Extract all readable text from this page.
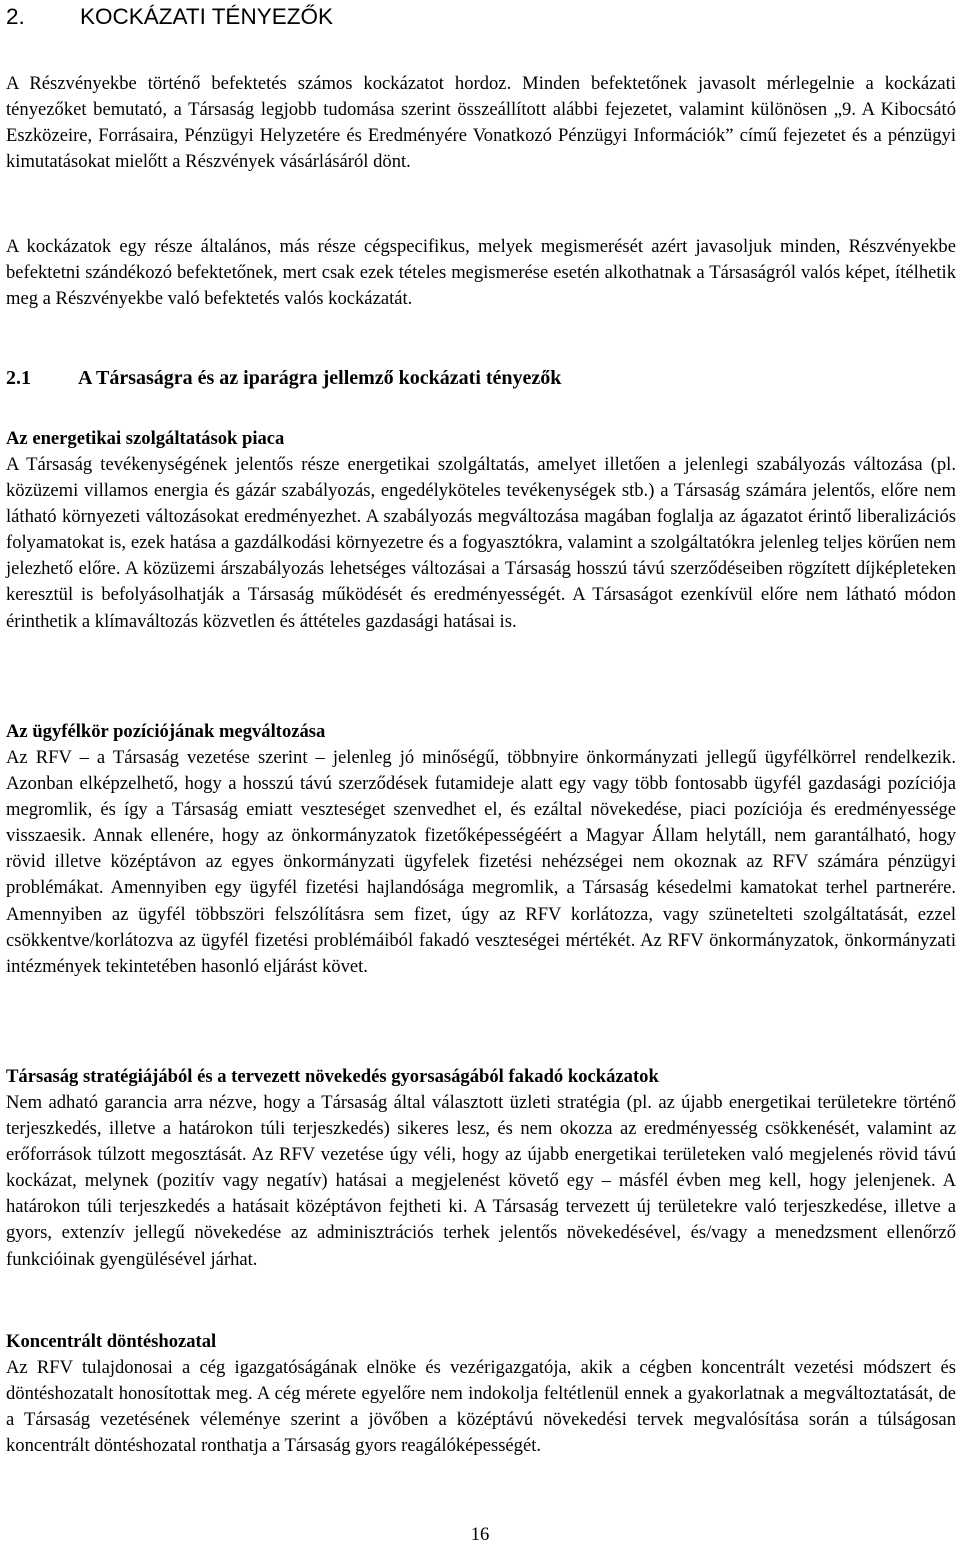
2. KOCKÁZATI TÉNYEZŐK

A Részvényekbe történő befektetés számos kockázatot hordoz. Minden befektetőnek javasolt mérlegelnie a kockázati tényezőket bemutató, a Társaság legjobb tudomása szerint összeállított alábbi fejezetet, valamint különösen „9. A Kibocsátó Eszközeire, Forrásaira, Pénzügyi Helyzetére és Eredményére Vonatkozó Pénzügyi Információk” című fejezetet és a pénzügyi kimutatásokat mielőtt a Részvények vásárlásáról dönt.

A kockázatok egy része általános, más része cégspecifikus, melyek megismerését azért javasoljuk minden, Részvényekbe befektetni szándékozó befektetőnek, mert csak ezek tételes megismerése esetén alkothatnak a Társaságról valós képet, ítélhetik meg a Részvényekbe való befektetés valós kockázatát.

2.1 A Társaságra és az iparágra jellemző kockázati tényezők
Az energetikai szolgáltatások piaca

A Társaság tevékenységének jelentős része energetikai szolgáltatás, amelyet illetően a jelenlegi szabályozás változása (pl. közüzemi villamos energia és gázár szabályozás, engedélyköteles tevékenységek stb.) a Társaság számára jelentős, előre nem látható környezeti változásokat eredményezhet. A szabályozás megváltozása magában foglalja az ágazatot érintő liberalizációs folyamatokat is, ezek hatása a gazdálkodási környezetre és a fogyasztókra, valamint a szolgáltatókra jelenleg teljes körűen nem jelezhető előre. A közüzemi árszabályozás lehetséges változásai a Társaság hosszú távú szerződéseiben rögzített díjképleteken keresztül is befolyásolhatják a Társaság működését és eredményességét. A Társaságot ezenkívül előre nem látható módon érinthetik a klímaváltozás közvetlen és áttételes gazdasági hatásai is.

Az ügyfélkör pozíciójának megváltozása

Az RFV – a Társaság vezetése szerint – jelenleg jó minőségű, többnyire önkormányzati jellegű ügyfélkörrel rendelkezik. Azonban elképzelhető, hogy a hosszú távú szerződések futamideje alatt egy vagy több fontosabb ügyfél gazdasági pozíciója megromlik, és így a Társaság emiatt veszteséget szenvedhet el, és ezáltal növekedése, piaci pozíciója és eredményessége visszaesik. Annak ellenére, hogy az önkormányzatok fizetőképességéért a Magyar Állam helytáll, nem garantálható, hogy rövid illetve középtávon az egyes önkormányzati ügyfelek fizetési nehézségei nem okoznak az RFV számára pénzügyi problémákat. Amennyiben egy ügyfél fizetési hajlandósága megromlik, a Társaság késedelmi kamatokat terhel partnerére. Amennyiben az ügyfél többszöri felszólításra sem fizet, úgy az RFV korlátozza, vagy szünetelteti szolgáltatását, ezzel csökkentve/korlátozva az ügyfél fizetési problémáiból fakadó veszteségei mértékét. Az RFV önkormányzatok, önkormányzati intézmények tekintetében hasonló eljárást követ.

Társaság stratégiájából és a tervezett növekedés gyorsaságából fakadó kockázatok

Nem adható garancia arra nézve, hogy a Társaság által választott üzleti stratégia (pl. az újabb energetikai területekre történő terjeszkedés, illetve a határokon túli terjeszkedés) sikeres lesz, és nem okozza az eredményesség csökkenését, valamint az erőforrások túlzott megosztását. Az RFV vezetése úgy véli, hogy az újabb energetikai területeken való megjelenés rövid távú kockázat, melynek (pozitív vagy negatív) hatásai a megjelenést követő egy – másfél évben meg kell, hogy jelenjenek. A határokon túli terjeszkedés a hatásait középtávon fejtheti ki. A Társaság tervezett új területekre való terjeszkedése, illetve a gyors, extenzív jellegű növekedése az adminisztrációs terhek jelentős növekedésével, és/vagy a menedzsment ellenőrző funkcióinak gyengülésével járhat.

Koncentrált döntéshozatal

Az RFV tulajdonosai a cég igazgatóságának elnöke és vezérigazgatója, akik a cégben koncentrált vezetési módszert és döntéshozatalt honosítottak meg. A cég mérete egyelőre nem indokolja feltétlenül ennek a gyakorlatnak a megváltoztatását, de a Társaság vezetésének véleménye szerint a jövőben a középtávú növekedési tervek megvalósítása során a túlságosan koncentrált döntéshozatal ronthatja a Társaság gyors reagálóképességét.

16
